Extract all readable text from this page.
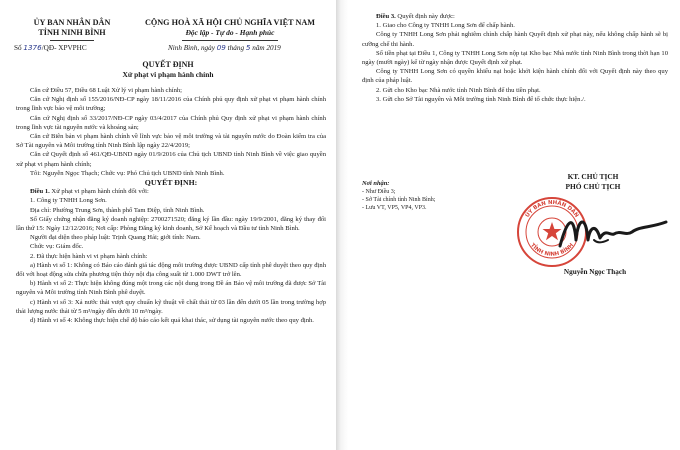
ỦY BAN NHÂN DÂN
TỈNH NINH BÌNH
CỘNG HOÀ XÃ HỘI CHỦ NGHĨA VIỆT NAM
Độc lập - Tự do - Hạnh phúc
Số 1376/QĐ- XPVPHC	Ninh Bình, ngày 09 tháng 5 năm 2019
QUYẾT ĐỊNH
Xử phạt vi phạm hành chính

Căn cứ Điều 57, Điều 68 Luật Xử lý vi phạm hành chính;

Căn cứ Nghị định số 155/2016/NĐ-CP ngày 18/11/2016 của Chính phủ quy định xử phạt vi phạm hành chính trong lĩnh vực bảo vệ môi trường;

Căn cứ Nghị định số 33/2017/NĐ-CP ngày 03/4/2017 của Chính phủ Quy định xử phạt vi phạm hành chính trong lĩnh vực tài nguyên nước và khoáng sản;

Căn cứ Biên bản vi phạm hành chính về lĩnh vực bảo vệ môi trường và tài nguyên nước do Đoàn kiểm tra của Sở Tài nguyên và Môi trường tỉnh Ninh Bình lập ngày 22/4/2019;

Căn cứ Quyết định số 461/QĐ-UBND ngày 01/9/2016 của Chủ tịch UBND tỉnh Ninh Bình về việc giao quyền xử phạt vi phạm hành chính;

Tôi: Nguyễn Ngọc Thạch; Chức vụ: Phó Chủ tịch UBND tỉnh Ninh Bình.

QUYẾT ĐỊNH:

Điều 1. Xử phạt vi phạm hành chính đối với:

1. Công ty TNHH Long Sơn.

Địa chỉ: Phường Trung Sơn, thành phố Tam Điệp, tỉnh Ninh Bình.

Số Giấy chứng nhận đăng ký doanh nghiệp: 2700271520; đăng ký lần đầu: ngày 19/9/2001, đăng ký thay đổi lần thứ 15: Ngày 12/12/2016; Nơi cấp: Phòng Đăng ký kinh doanh, Sở Kế hoạch và Đầu tư tỉnh Ninh Bình.

Người đại diện theo pháp luật: Trịnh Quang Hải; giới tính: Nam.

Chức vụ: Giám đốc.

2. Đã thực hiện hành vi vi phạm hành chính:

a) Hành vi số 1: Không có Báo cáo đánh giá tác động môi trường được UBND cấp tỉnh phê duyệt theo quy định đối với hoạt động sửa chữa phương tiện thủy nội địa công suất từ 1.000 DWT trở lên.

b) Hành vi số 2: Thực hiện không đúng một trong các nội dung trong Đề án Bảo vệ môi trường đã được Sở Tài nguyên và Môi trường tỉnh Ninh Bình phê duyệt.

c) Hành vi số 3: Xả nước thải vượt quy chuẩn kỹ thuật về chất thải từ 03 lần đến dưới 05 lần trong trường hợp thải lượng nước thải từ 5 m³/ngày đến dưới 10 m³/ngày.

d) Hành vi số 4: Không thực hiện chế độ báo cáo kết quả khai thác, sử dụng tài nguyên nước theo quy định.

Điều 3. Quyết định này được:

1. Giao cho Công ty TNHH Long Sơn để chấp hành.

Công ty TNHH Long Sơn phải nghiêm chỉnh chấp hành Quyết định xử phạt này, nếu không chấp hành sẽ bị cưỡng chế thi hành.

Số tiền phạt tại Điều 1, Công ty TNHH Long Sơn nộp tại Kho bạc Nhà nước tỉnh Ninh Bình trong thời hạn 10 ngày (mười ngày) kể từ ngày nhận được Quyết định xử phạt.

Công ty TNHH Long Sơn có quyền khiếu nại hoặc khởi kiện hành chính đối với Quyết định này theo quy định của pháp luật.

2. Gửi cho Kho bạc Nhà nước tỉnh Ninh Bình để thu tiền phạt.

3. Gửi cho Sở Tài nguyên và Môi trường tỉnh Ninh Bình để tổ chức thực hiện./.

Nơi nhận:
- Như Điều 3;
- Sở Tài chính tỉnh Ninh Bình;
- Lưu VT, VP5, VP4, VP3.
KT. CHỦ TỊCH
PHÓ CHỦ TỊCH
ỦY BAN NHÂN DÂN
TỈNH NINH BÌNH
Nguyễn Ngọc Thạch
